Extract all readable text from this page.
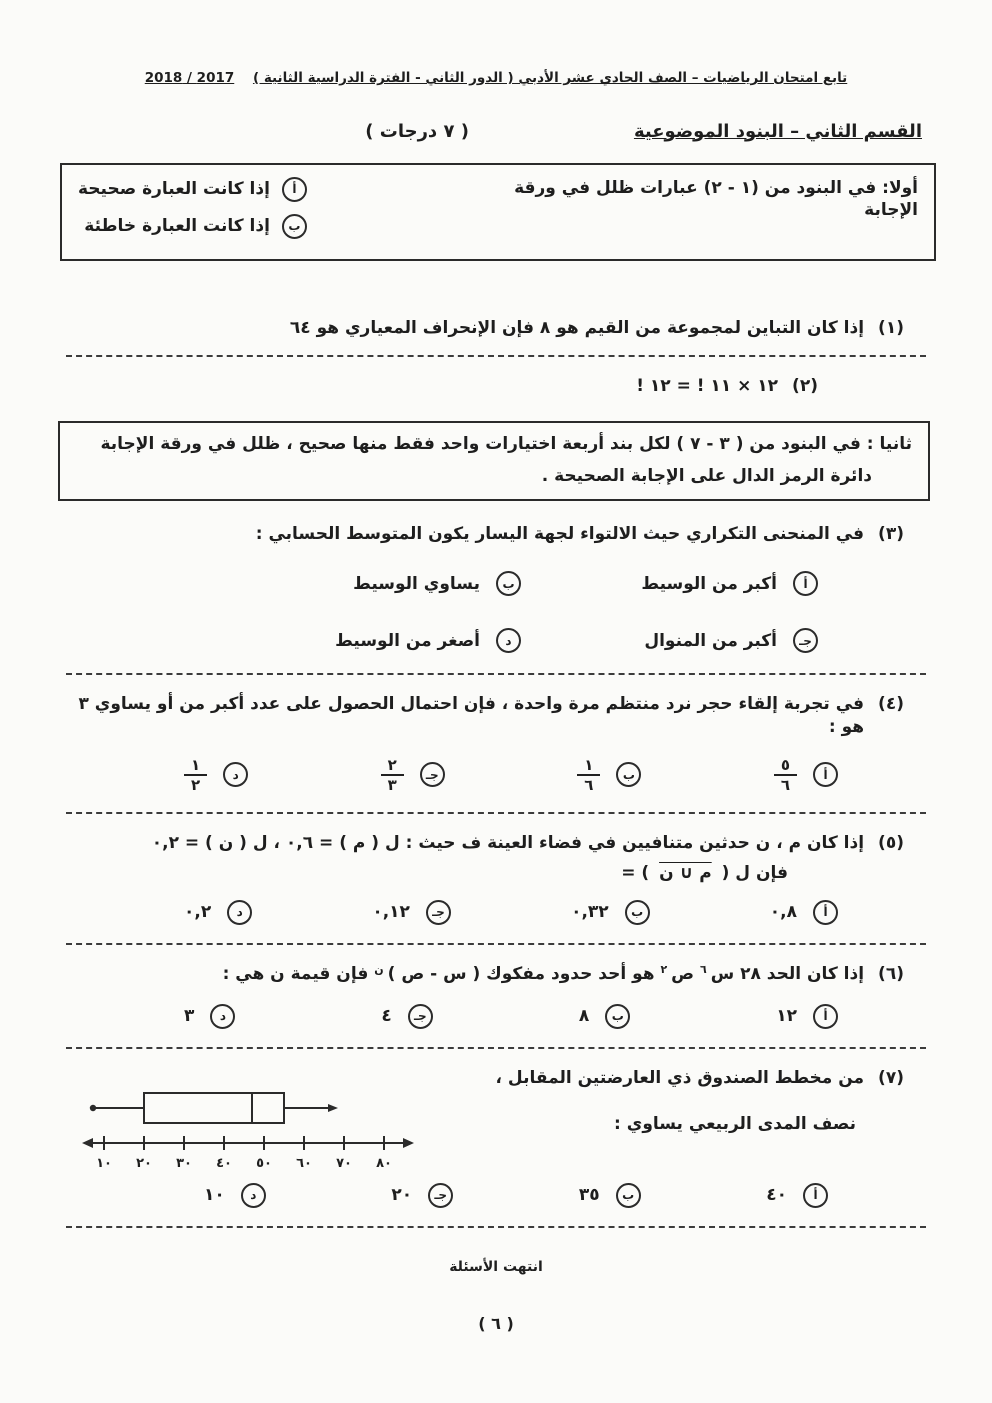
تابع امتحان الرياضيات – الصف الحادي عشر الأدبي ( الدور الثاني - الفترة الدراسية الثانية ) 2017 / 2018
القسم الثاني – البنود الموضوعية
( ٧ درجات )
أولا: في البنود من (١ - ٢) عبارات ظلل في ورقة الإجابة
أ
إذا كانت العبارة صحيحة
ب
إذا كانت العبارة خاطئة
(١)
إذا كان التباين لمجموعة من القيم هو ٨ فإن الإنحراف المعياري هو ٦٤
(٢)
١٢ × ١١ ! = ١٢ !
ثانيا : في البنود من ( ٣ - ٧ ) لكل بند أربعة اختيارات واحد فقط منها صحيح ، ظلل في ورقة الإجابة
دائرة الرمز الدال على الإجابة الصحيحة .
(٣)
في المنحنى التكراري حيث الالتواء لجهة اليسار يكون المتوسط الحسابي :
أ
أكبر من الوسيط
ب
يساوي الوسيط
جـ
أكبر من المنوال
د
أصغر من الوسيط
(٤)
في تجربة إلقاء حجر نرد منتظم مرة واحدة ، فإن احتمال الحصول على عدد أكبر من أو يساوي ٣ هو :
أ
$\frac{٥}{٦}$
ب
$\frac{١}{٦}$
جـ
$\frac{٢}{٣}$
د
$\frac{١}{٢}$
(٥)
إذا كان م ، ن حدثين متنافيين في فضاء العينة ف حيث : ل ( م ) = ٠,٦ ، ل ( ن ) = ٠,٢
فإن ل ( م ∪ ن ) =
أ
٠,٨
ب
٠,٣٢
جـ
٠,١٢
د
٠,٢
(٦)
إذا كان الحد ٢٨ س$^٦$ ص$^٢$ هو أحد حدود مفكوك ( س - ص )$^ن$ فإن قيمة ن هي :
أ
١٢
ب
٨
جـ
٤
د
٣
(٧)
من مخطط الصندوق ذي العارضتين المقابل ،
نصف المدى الربيعي يساوي :
١٠ ٢٠ ٣٠ ٤٠ ٥٠ ٦٠ ٧٠ ٨٠
أ
٤٠
ب
٣٥
جـ
٢٠
د
١٠
انتهت الأسئلة
( ٦ )
